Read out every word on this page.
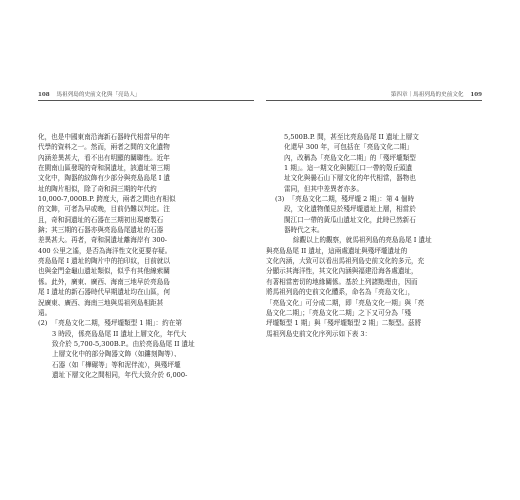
108 馬祖列島的史前文化與「亮島人」
化，也是中國東南沿海新石器時代相當早的年
代學的資料之一。然而，兩者之間的文化遺物
內涵差異甚大，看不出有明顯的關聯性。近年
在閩南山區發現的奇和洞遺址，該遺址第三期
文化中，陶器的紋飾有少部分與亮島島尾 I 遺
址的陶片相似，除了奇和洞三期的年代約
10,000-7,000B.P. 跨度大，兩者之間也有相似
的文飾，可者為早或晚，目前仍難以判定。注
且，奇和洞遺址的石器在三期初出現磨製石
錛；其三期的石器亦與亮島島尾遺址的石器
差異甚大。再者，奇和洞遺址離海岸有 300-
400 公里之遙，是否為海洋性文化更要存疑。
亮島島尾 I 遺址的陶片中的拍印紋，目前就以
也與金門金龜山遺址類似，似乎有其他線索關
係。此外，廣東、廣西、海南三地早於亮島島
尾 I 遺址的新石器時代早期遺址均在山區，何
況廣東、廣西、海南三地與馬祖列島相距甚
遠。
(2) 「亮島文化二期，殘坪壠類型 1 期」：約在第
3 時段，係亮島島尾 II 遺址上層文化，年代大
致介於 5,700-5,300B.P.。由於亮島島尾 II 遺址
上層文化中的部分陶器文飾（如鏤刻陶等）、
石器（如「樺碾等」等和泥伴流），與殘坪壠
遺址下層文化之間相同，年代大致介於 6,000-
第四章｜馬祖列島的史前文化 109
5,500B.P. 間，甚至比亮島島尾 II 遺址上層文
化還早 300 年，可包括在「亮島文化二期」
內，改稱為「亮島文化二期」的「殘坪壠類型
1 期」。這一期文化與閩江口一帶的殼丘頭遺
址文化與曇石山下層文化的年代相當，器物也
雷同，但其中差異者亦多。
(3) 「亮島文化二期，殘坪壠 2 期」：第 4 個時
段，文化遺物僅見於殘坪壠遺址上層，相當於
閩江口一帶的黃瓜山遺址文化，此時已然新石
器時代之末。
綜觀以上的觀察，就馬祖列島的亮島島尾 I 遺址
與亮島島尾 II 遺址，這兩處遺址與殘坪壠遺址的
文化內涵，大致可以看出馬祖列島史前文化的多元，充
分顯示其海洋性，其文化內涵與福建沿海各處遺址，
有著相當密切的地緣關係。基於上列諸點理由，因而
將馬祖列島的史前文化體系，命名為「亮島文化」，
「亮島文化」可分成二期，即「亮島文化一期」與「亮
島文化二期」；「亮島文化二期」之下又可分為「殘
坪壠類型 1 期」與「殘坪壠類型 2 期」二類型。茲將
馬祖列島史前文化序列示如下表 3：
